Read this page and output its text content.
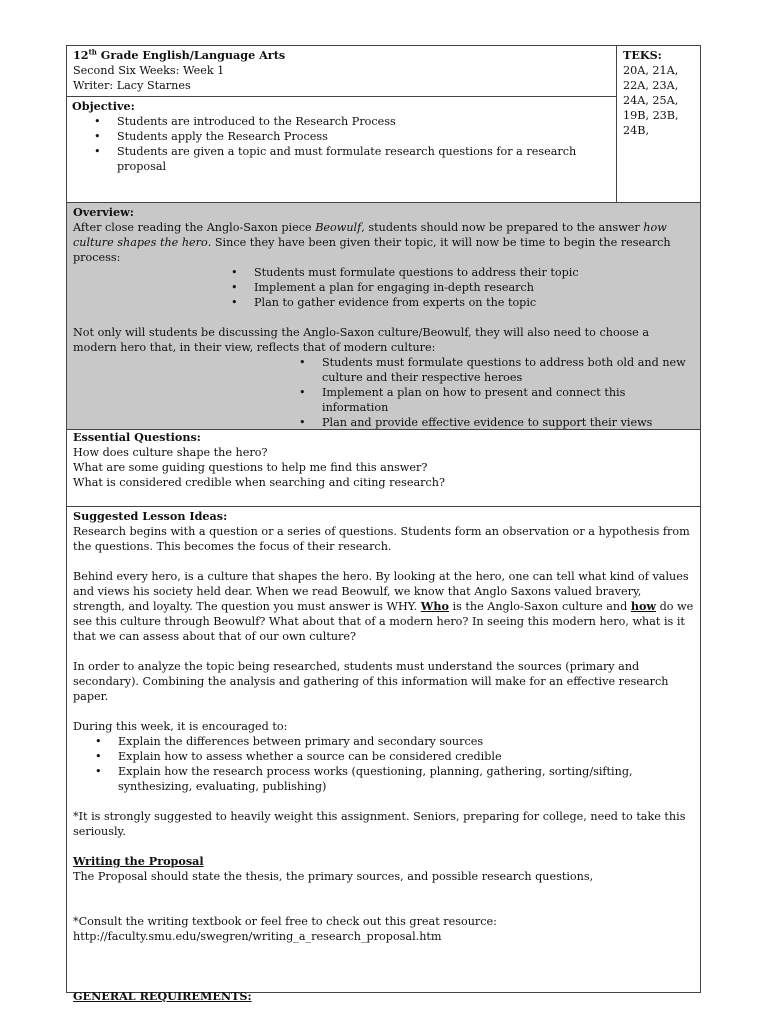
12th Grade English/Language Arts
Second Six Weeks: Week 1
Writer: Lacy Starnes
Objective:
• Students are introduced to the Research Process
• Students apply the Research Process
• Students are given a topic and must formulate research questions for a research proposal
TEKS:
20A, 21A,
22A, 23A,
24A, 25A,
19B, 23B,
24B,
Overview:

After close reading the Anglo-Saxon piece Beowulf, students should now be prepared to the answer how culture shapes the hero. Since they have been given their topic, it will now be time to begin the research process:

• Students must formulate questions to address their topic
• Implement a plan for engaging in-depth research
• Plan to gather evidence from experts on the topic

Not only will students be discussing the Anglo-Saxon culture/Beowulf, they will also need to choose a modern hero that, in their view, reflects that of modern culture:

• Students must formulate questions to address both old and new culture and their respective heroes
• Implement a plan on how to present and connect this information
• Plan and provide effective evidence to support their views
Essential Questions:
How does culture shape the hero?
What are some guiding questions to help me find this answer?
What is considered credible when searching and citing research?
Suggested Lesson Ideas:

Research begins with a question or a series of questions. Students form an observation or a hypothesis from the questions. This becomes the focus of their research.

Behind every hero, is a culture that shapes the hero. By looking at the hero, one can tell what kind of values and views his society held dear. When we read Beowulf, we know that Anglo Saxons valued bravery, strength, and loyalty. The question you must answer is WHY. Who is the Anglo-Saxon culture and how do we see this culture through Beowulf? What about that of a modern hero? In seeing this modern hero, what is it that we can assess about that of our own culture?

In order to analyze the topic being researched, students must understand the sources (primary and secondary). Combining the analysis and gathering of this information will make for an effective research paper.

During this week, it is encouraged to:

• Explain the differences between primary and secondary sources
• Explain how to assess whether a source can be considered credible
• Explain how the research process works (questioning, planning, gathering, sorting/sifting, synthesizing, evaluating, publishing)

*It is strongly suggested to heavily weight this assignment. Seniors, preparing for college, need to take this seriously.

Writing the Proposal

The Proposal should state the thesis, the primary sources, and possible research questions,

*Consult the writing textbook or feel free to check out this great resource:

http://faculty.smu.edu/swegren/writing_a_research_proposal.htm

GENERAL REQUIREMENTS:
